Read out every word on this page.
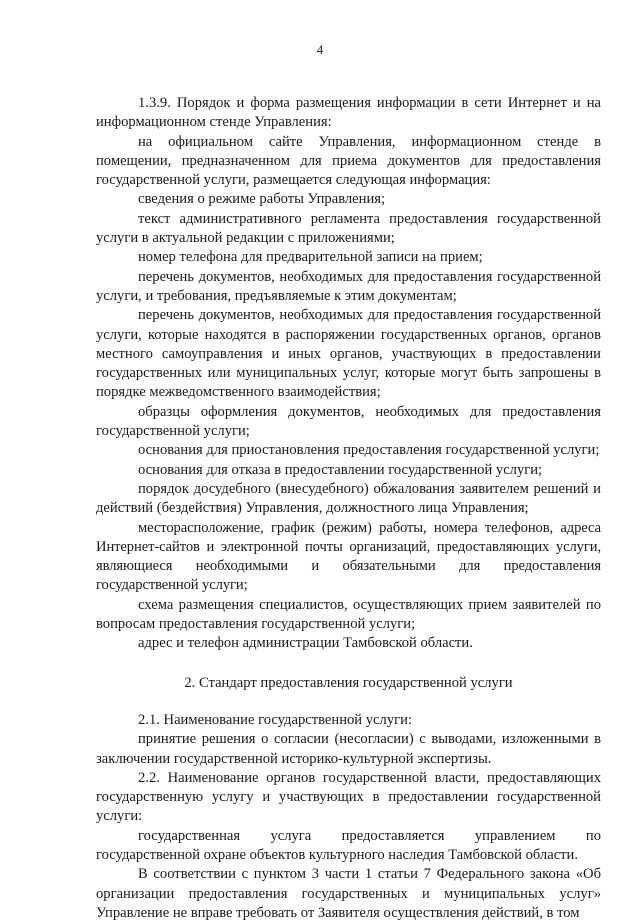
4

1.3.9. Порядок и форма размещения информации в сети Интернет и на информационном стенде Управления:

на официальном сайте Управления, информационном стенде в помещении, предназначенном для приема документов для предоставления государственной услуги, размещается следующая информация:

сведения о режиме работы Управления;

текст административного регламента предоставления государственной услуги в актуальной редакции с приложениями;

номер телефона для предварительной записи на прием;

перечень документов, необходимых для предоставления государственной услуги, и требования, предъявляемые к этим документам;

перечень документов, необходимых для предоставления государственной услуги, которые находятся в распоряжении государственных органов, органов местного самоуправления и иных органов, участвующих в предоставлении государственных или муниципальных услуг, которые могут быть запрошены в порядке межведомственного взаимодействия;

образцы оформления документов, необходимых для предоставления государственной услуги;

основания для приостановления предоставления государственной услуги;

основания для отказа в предоставлении государственной услуги;

порядок досудебного (внесудебного) обжалования заявителем решений и действий (бездействия) Управления, должностного лица Управления;

месторасположение, график (режим) работы, номера телефонов, адреса Интернет-сайтов и электронной почты организаций, предоставляющих услуги, являющиеся необходимыми и обязательными для предоставления государственной услуги;

схема размещения специалистов, осуществляющих прием заявителей по вопросам предоставления государственной услуги;

адрес и телефон администрации Тамбовской области.

2. Стандарт предоставления государственной услуги

2.1. Наименование государственной услуги:

принятие решения о согласии (несогласии) с выводами, изложенными в заключении государственной историко-культурной экспертизы.

2.2. Наименование органов государственной власти, предоставляющих государственную услугу и участвующих в предоставлении государственной услуги:

государственная услуга предоставляется управлением по государственной охране объектов культурного наследия Тамбовской области.

В соответствии с пунктом 3 части 1 статьи 7 Федерального закона «Об организации предоставления государственных и муниципальных услуг» Управление не вправе требовать от Заявителя осуществления действий, в том
